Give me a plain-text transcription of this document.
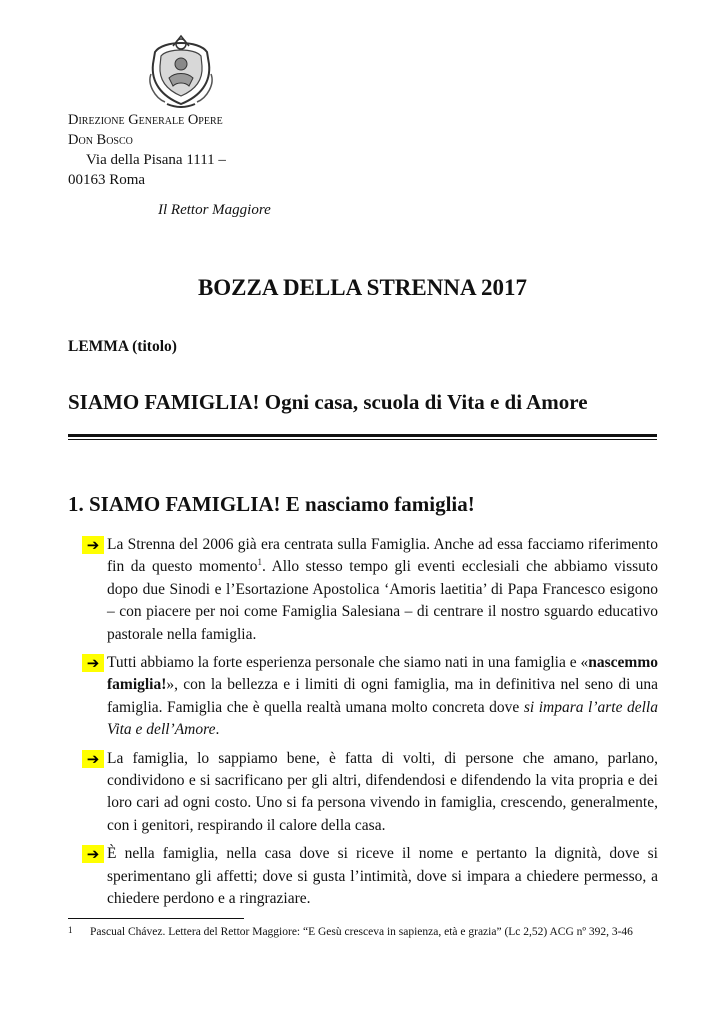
Direzione Generale Opere
Don Bosco
Via della Pisana 1111 –
00163 Roma
Il Rettor Maggiore
BOZZA DELLA STRENNA 2017
LEMMA (titolo)
SIAMO FAMIGLIA! Ogni casa, scuola di Vita e di Amore
1. SIAMO FAMIGLIA! E nasciamo famiglia!
➔ La Strenna del 2006 già era centrata sulla Famiglia. Anche ad essa facciamo riferimento fin da questo momento$^1$. Allo stesso tempo gli eventi ecclesiali che abbiamo vissuto dopo due Sinodi e l’Esortazione Apostolica ‘Amoris laetitia’ di Papa Francesco esigono – con piacere per noi come Famiglia Salesiana – di centrare il nostro sguardo educativo pastorale nella famiglia.
➔ Tutti abbiamo la forte esperienza personale che siamo nati in una famiglia e «nascemmo famiglia!», con la bellezza e i limiti di ogni famiglia, ma in definitiva nel seno di una famiglia. Famiglia che è quella realtà umana molto concreta dove si impara l’arte della Vita e dell’Amore.
➔ La famiglia, lo sappiamo bene, è fatta di volti, di persone che amano, parlano, condividono e si sacrificano per gli altri, difendendosi e difendendo la vita propria e dei loro cari ad ogni costo. Uno si fa persona vivendo in famiglia, crescendo, generalmente, con i genitori, respirando il calore della casa.
➔ È nella famiglia, nella casa dove si riceve il nome e pertanto la dignità, dove si sperimentano gli affetti; dove si gusta l’intimità, dove si impara a chiedere permesso, a chiedere perdono e a ringraziare.
1	Pascual Chávez. Lettera del Rettor Maggiore: “E Gesù cresceva in sapienza, età e grazia” (Lc 2,52) ACG nº 392, 3-46
